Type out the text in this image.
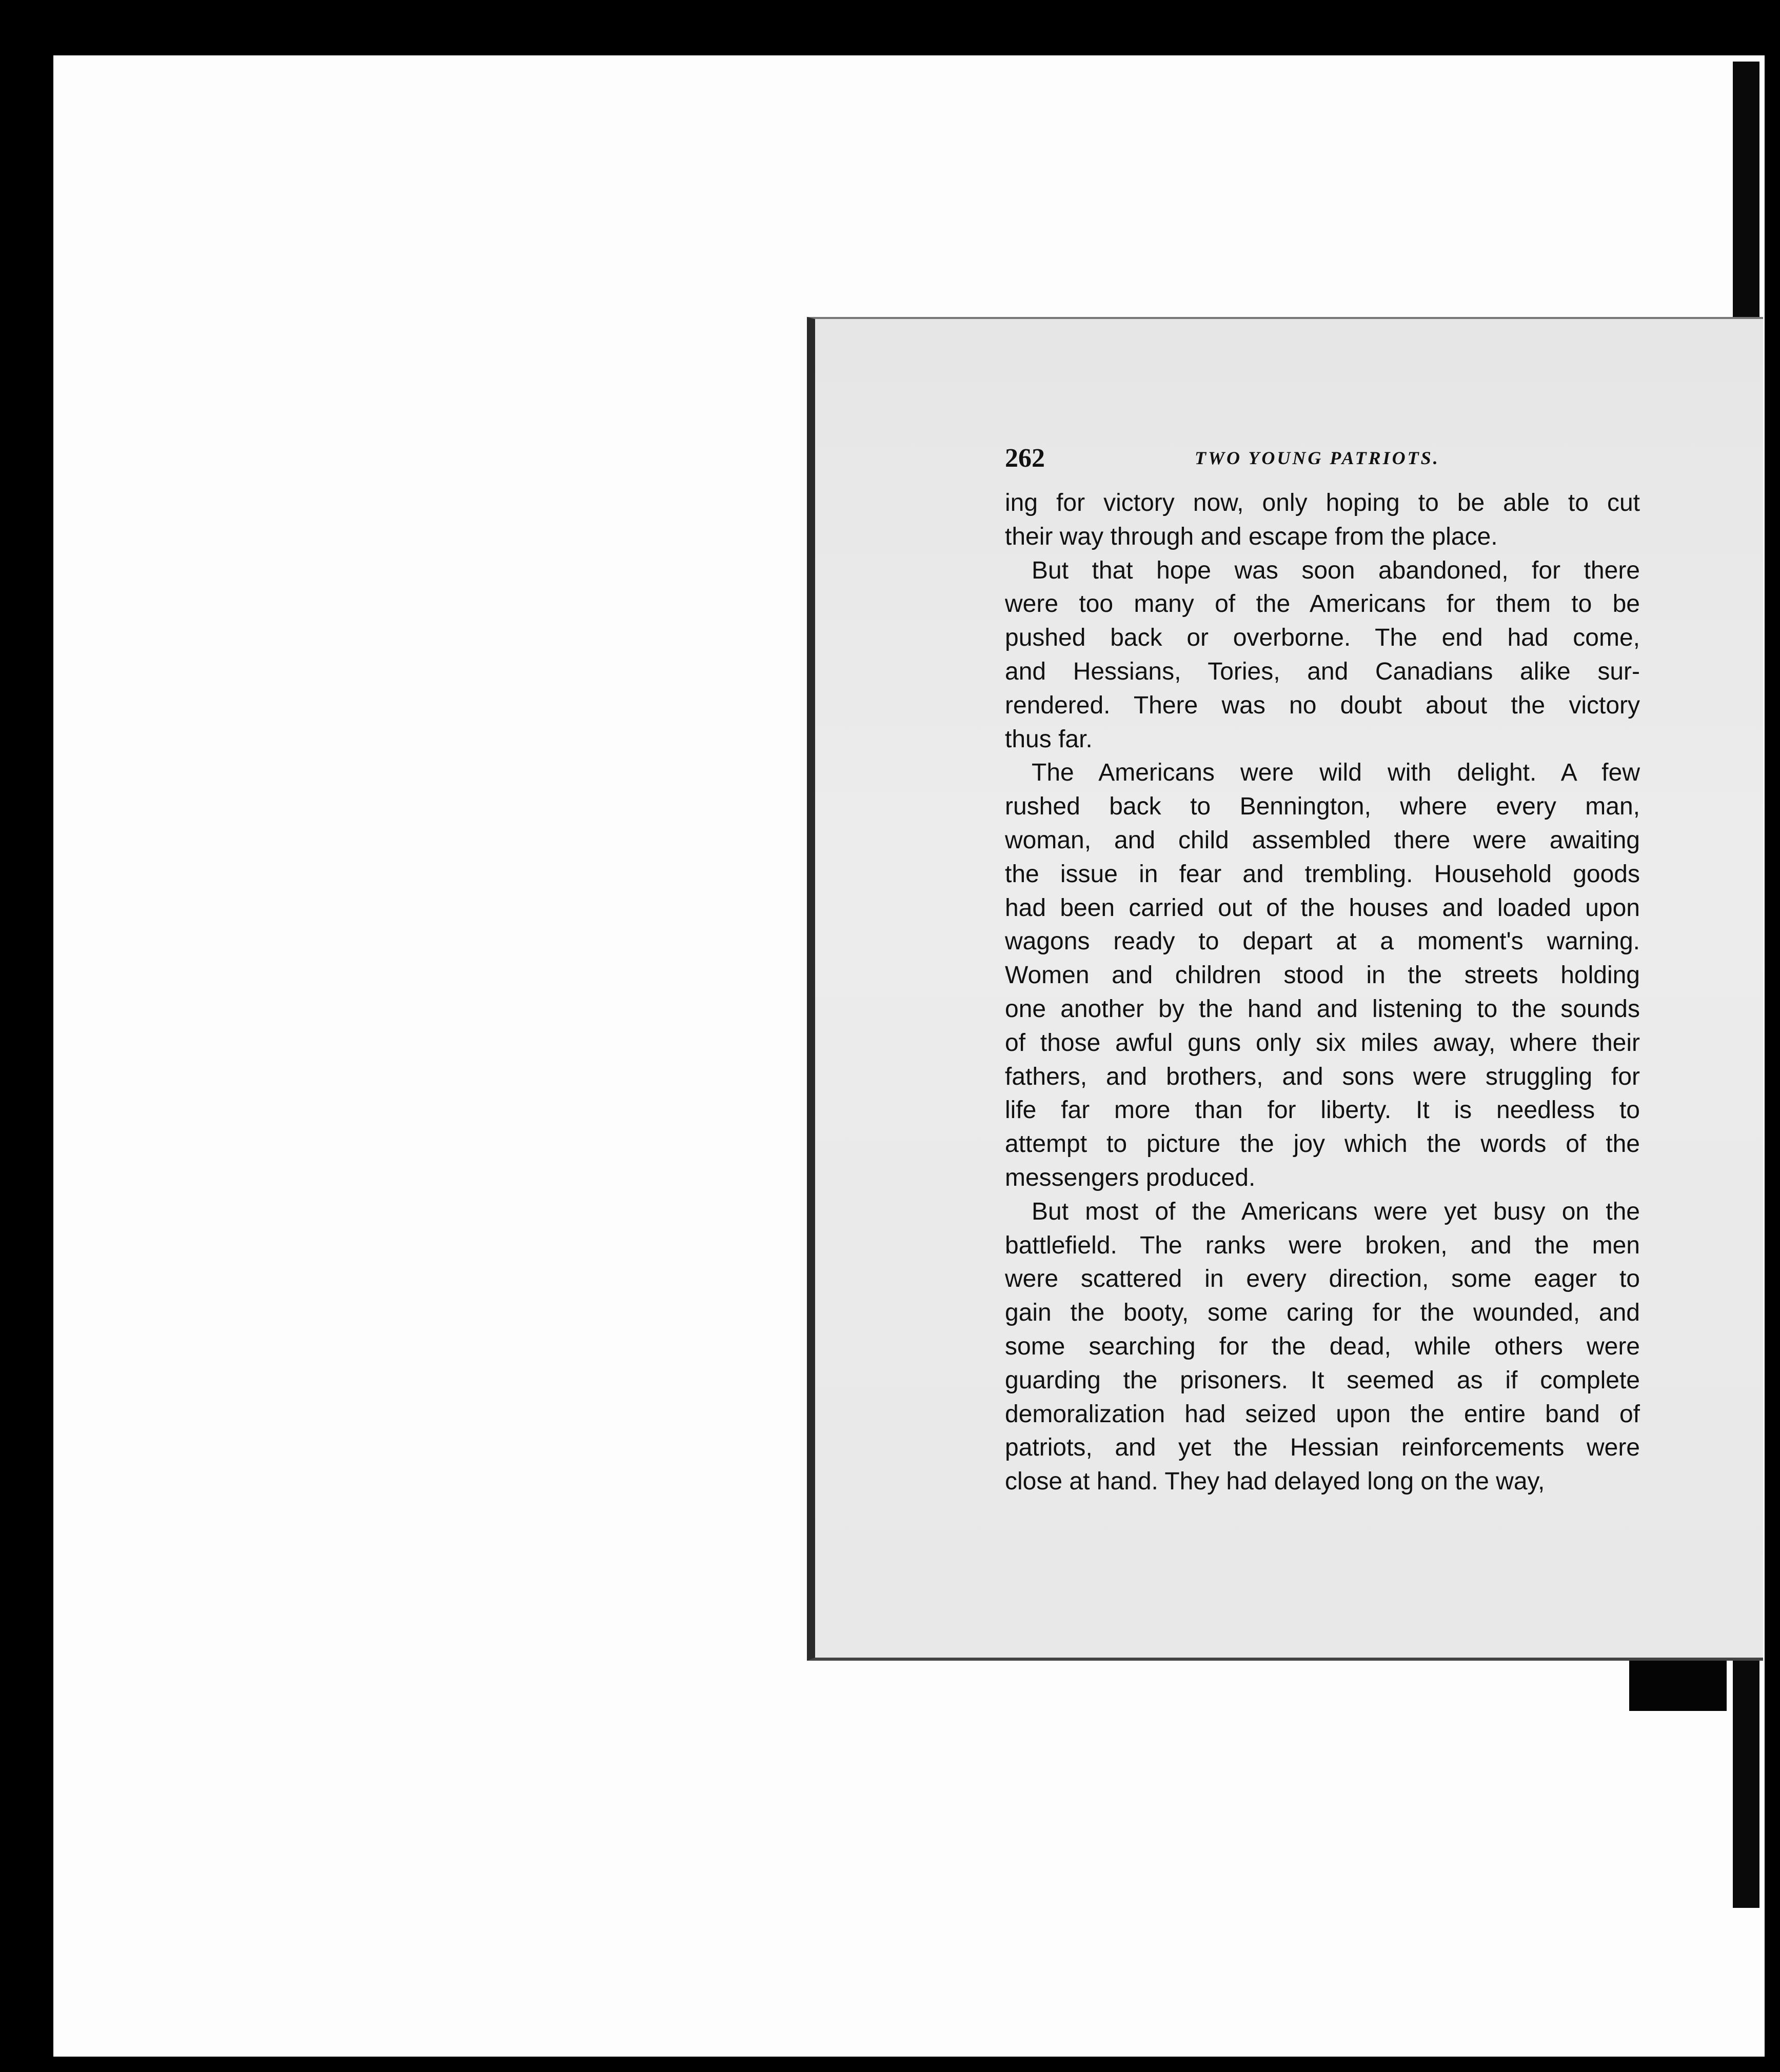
262	TWO YOUNG PATRIOTS.

ing for victory now, only hoping to be able to cut
their way through and escape from the place.

But that hope was soon abandoned, for there
were too many of the Americans for them to be
pushed back or overborne. The end had come,
and Hessians, Tories, and Canadians alike sur-
rendered. There was no doubt about the victory
thus far.

The Americans were wild with delight. A few
rushed back to Bennington, where every man,
woman, and child assembled there were awaiting
the issue in fear and trembling. Household goods
had been carried out of the houses and loaded upon
wagons ready to depart at a moment's warning.
Women and children stood in the streets holding
one another by the hand and listening to the sounds
of those awful guns only six miles away, where their
fathers, and brothers, and sons were struggling for
life far more than for liberty. It is needless to
attempt to picture the joy which the words of the
messengers produced.

But most of the Americans were yet busy on the
battlefield. The ranks were broken, and the men
were scattered in every direction, some eager to
gain the booty, some caring for the wounded, and
some searching for the dead, while others were
guarding the prisoners. It seemed as if complete
demoralization had seized upon the entire band of
patriots, and yet the Hessian reinforcements were
close at hand. They had delayed long on the way,
